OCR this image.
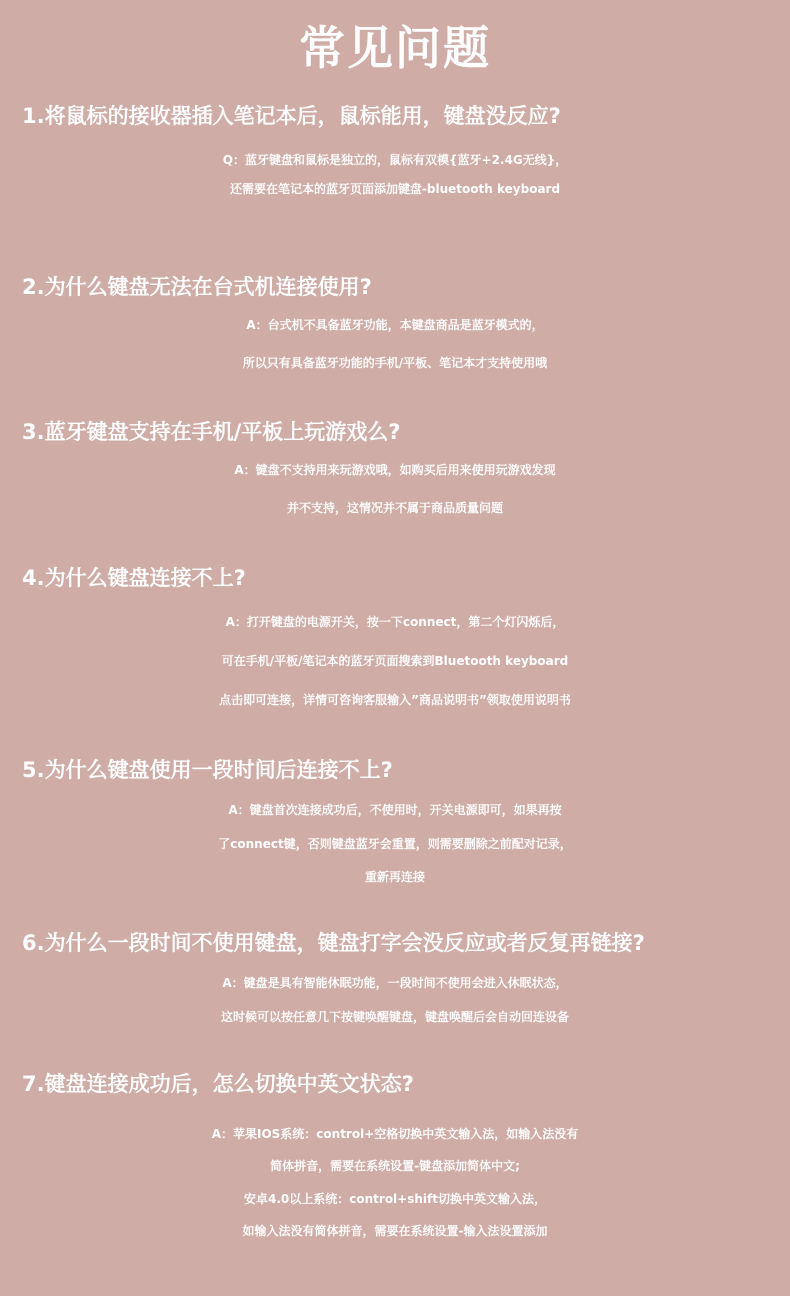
常见问题
1.将鼠标的接收器插入笔记本后，鼠标能用，键盘没反应?
Q：蓝牙键盘和鼠标是独立的，鼠标有双模{蓝牙+2.4G无线}，
还需要在笔记本的蓝牙页面添加键盘-bluetooth keyboard
2.为什么键盘无法在台式机连接使用?
A：台式机不具备蓝牙功能，本键盘商品是蓝牙模式的，
所以只有具备蓝牙功能的手机/平板、笔记本才支持使用哦
3.蓝牙键盘支持在手机/平板上玩游戏么?
A：键盘不支持用来玩游戏哦，如购买后用来使用玩游戏发现
并不支持，这情况并不属于商品质量问题
4.为什么键盘连接不上?
A：打开键盘的电源开关，按一下connect，第二个灯闪烁后，
可在手机/平板/笔记本的蓝牙页面搜索到Bluetooth keyboard
点击即可连接，详情可咨询客服输入”商品说明书”领取使用说明书
5.为什么键盘使用一段时间后连接不上?
A：键盘首次连接成功后，不使用时，开关电源即可，如果再按
了connect键，否则键盘蓝牙会重置，则需要删除之前配对记录，
重新再连接
6.为什么一段时间不使用键盘，键盘打字会没反应或者反复再链接?
A：键盘是具有智能休眠功能，一段时间不使用会进入休眠状态，
这时候可以按任意几下按键唤醒键盘，键盘唤醒后会自动回连设备
7.键盘连接成功后，怎么切换中英文状态?
A：苹果IOS系统：control+空格切换中英文输入法，如输入法没有
简体拼音，需要在系统设置-键盘添加简体中文;
安卓4.0以上系统：control+shift切换中英文输入法，
如输入法没有简体拼音，需要在系统设置-输入法设置添加
